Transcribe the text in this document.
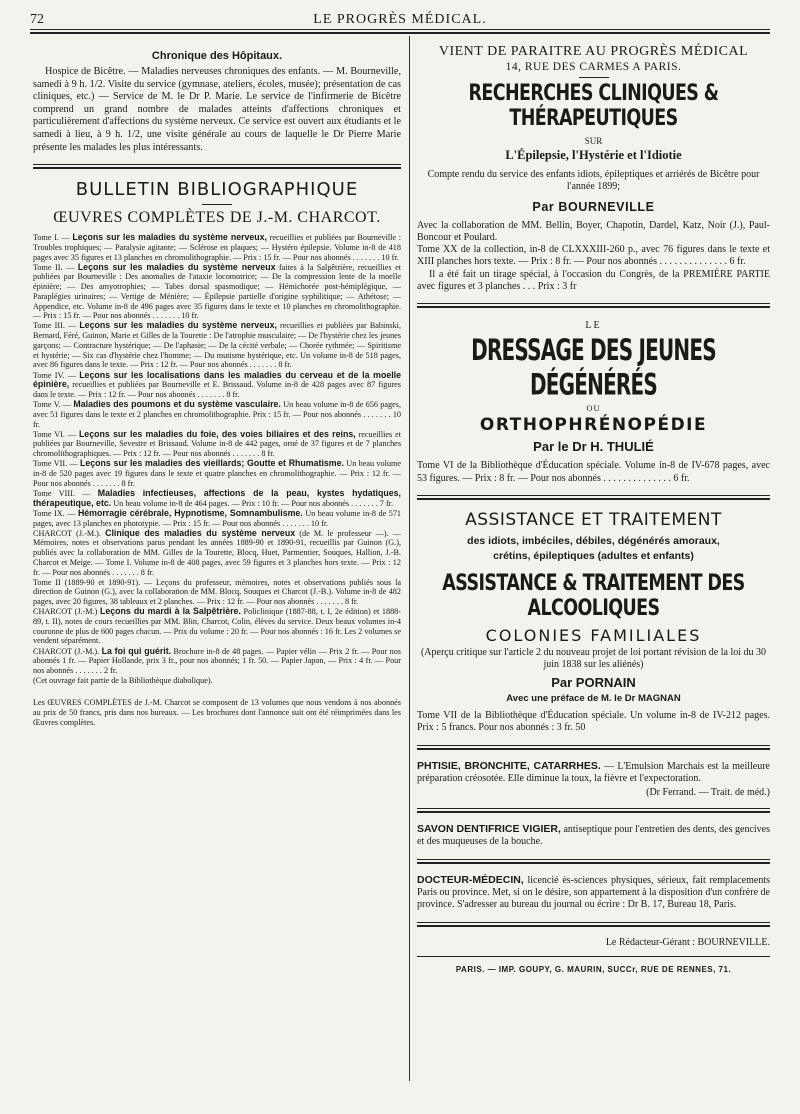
72	LE PROGRÈS MÉDICAL.
Chronique des Hôpitaux.

Hospice de Bicêtre. — Maladies nerveuses chroniques des enfants. — M. Bourneville, samedi à 9 h. 1/2. Visite du service (gymnase, ateliers, écoles, musée); présentation de cas cliniques, etc.) — Service de M. le Dr P. Marie. Le service de l'infirmerie de Bicêtre comprend un grand nombre de malades atteints d'affections chroniques et particulièrement d'affections du système nerveux. Ce service est ouvert aux étudiants et le samedi à lieu, à 9 h. 1/2, une visite générale au cours de laquelle le Dr Pierre Marie présente les malades les plus intéressants.

BULLETIN BIBLIOGRAPHIQUE
ŒUVRES COMPLÈTES DE J.-M. CHARCOT.

Tome I. — Leçons sur les maladies du système nerveux, recueillies et publiées par Bourneville : Troubles trophiques; — Paralysie agitante; — Sclérose en plaques; — Hystéro épilepsie. Volume in-8 de 418 pages avec 35 figures et 13 planches en chromolithographie. — Prix : 15 fr. — Pour nos abonnés . . . . . . . 10 fr.

Tome II. — Leçons sur les maladies du système nerveux faites à la Salpêtrière, recueillies et publiées par Bourneville : Des anomalies de l'ataxie locomotrice; — De la compression lente de la moelle épinière; — Des amyotrophies; — Tabes dorsal spasmodique; — Hémichorée post-hémiplégique, — Paraplégies urinaires; — Vertige de Ménière; — Épilepsie partielle d'origine syphilitique; — Athétose; — Appendice, etc. Volume in-8 de 496 pages avec 35 figures dans le texte et 10 planches en chromolithographie. — Prix : 15 fr. — Pour nos abonnés . . . . . . . 10 fr.

Tome III. — Leçons sur les maladies du système nerveux, recueillies et publiées par Babinski, Bernard, Féré, Guinon, Marie et Gilles de la Tourette : De l'atrophie musculaire; — De l'hystérie chez les jeunes garçons; — Contracture hystérique; — De l'aphasie; — De la cécité verbale; — Chorée rythmée; — Spiritisme et hystérie; — Six cas d'hystérie chez l'homme; — Du mutisme hystérique, etc. Un volume in-8 de 518 pages, avec 86 figures dans le texte. — Prix : 12 fr. — Pour nos abonnés . . . . . . . 8 fr.

Tome IV. — Leçons sur les localisations dans les maladies du cerveau et de la moelle épinière, recueillies et publiées par Bourneville et E. Brissaud. Volume in-8 de 428 pages avec 87 figures dans le texte. — Prix : 12 fr. — Pour nos abonnés . . . . . . . 8 fr.

Tome V. — Maladies des poumons et du système vasculaire. Un beau volume in-8 de 656 pages, avec 51 figures dans le texte et 2 planches en chromolithographie. Prix : 15 fr. — Pour nos abonnés . . . . . . . 10 fr.

Tome VI. — Leçons sur les maladies du foie, des voies biliaires et des reins, recueillies et publiées par Bourneville, Sevestre et Brissaud. Volume in-8 de 442 pages, orné de 37 figures et de 7 planches chromolithographiques. — Prix : 12 fr. — Pour nos abonnés . . . . . . . 8 fr.

Tome VII. — Leçons sur les maladies des vieillards; Goutte et Rhumatisme. Un beau volume in-8 de 520 pages avec 19 figures dans le texte et quatre planches en chromolithographie. — Prix : 12 fr. — Pour nos abonnés . . . . . . . 8 fr.

Tome VIII. — Maladies infectieuses, affections de la peau, kystes hydatiques, thérapeutique, etc. Un beau volume in-8 de 464 pages. — Prix : 10 fr. — Pour nos abonnés . . . . . . . 7 fr.

Tome IX. — Hémorragie cérébrale, Hypnotisme, Somnambulisme. Un beau volume in-8 de 571 pages, avec 13 planches en phototypie. — Prix : 15 fr. — Pour nos abonnés . . . . . . . 10 fr.

CHARCOT (J.-M.). Clinique des maladies du système nerveux (de M. le professeur —). — Mémoires, notes et observations parus pendant les années 1889-90 et 1890-91, recueillis par Guinon (G.), publiés avec la collaboration de MM. Gilles de la Tourette, Blocq, Huet, Parmentier, Souques, Hallion, J.-B. Charcot et Meige. — Tome I. Volume in-8 de 408 pages, avec 59 figures et 3 planches hors texte. — Prix : 12 fr. — Pour nos abonnés . . . . . . . 8 fr.

Tome II (1889-90 et 1890-91). — Leçons du professeur, mémoires, notes et observations publiés sous la direction de Guinon (G.), avec la collaboration de MM. Blocq, Souques et Charcot (J.-B.). Volume in-8 de 482 pages, avec 20 figures, 38 tableaux et 2 planches. — Prix : 12 fr. — Pour nos abonnés . . . . . . . 8 fr.

CHARCOT (J.-M.) Leçons du mardi à la Salpêtrière. Policlinique (1887-88, t. I, 2e édition) et 1888-89, t. II), notes de cours recueillies par MM. Blin, Charcot, Colin, élèves du service. Deux beaux volumes in-4 couronne de plus de 600 pages chacun. — Prix du volume : 20 fr. — Pour nos abonnés : 16 fr. Les 2 volumes se vendent séparément.

CHARCOT (J.-M.). La foi qui guérit. Brochure in-8 de 48 pages. — Papier vélin — Prix 2 fr. — Pour nos abonnés 1 fr. — Papier Hollande, prix 3 fr., pour nos abonnés; 1 fr. 50. — Papier Japon, — Prix : 4 fr. — Pour nos abonnés . . . . . . . 2 fr.

(Cet ouvrage fait partie de la Bibliothèque diabolique).

Les ŒUVRES COMPLÈTES de J.-M. Charcot se composent de 13 volumes que nous vendons à nos abonnés au prix de 50 francs, pris dans nos bureaux. — Les brochures dont l'annonce suit ont été réimprimées dans les Œuvres complètes.
VIENT DE PARAITRE AU PROGRÈS MÉDICAL
14, RUE DES CARMES A PARIS.
RECHERCHES CLINIQUES & THÉRAPEUTIQUES
SUR
L'Épilepsie, l'Hystérie et l'Idiotie

Compte rendu du service des enfants idiots, épileptiques et arriérés de Bicêtre pour l'année 1899;

Par BOURNEVILLE

Avec la collaboration de MM. Bellin, Boyer, Chapotin, Dardel, Katz, Noir (J.), Paul-Boncour et Poulard.

Tome XX de la collection, in-8 de CLXXXIII-260 p., avec 76 figures dans le texte et XIII planches hors texte. — Prix : 8 fr. — Pour nos abonnés . . . . . . . . . . . . . . 6 fr.

Il a été fait un tirage spécial, à l'occasion du Congrès, de la PREMIÈRE PARTIE avec figures et 3 planches . . . Prix : 3 fr

LE
DRESSAGE DES JEUNES DÉGÉNÉRÉS
OU
ORTHOPHRÉNOPÉDIE
Par le Dr H. THULIÉ

Tome VI de la Bibliothèque d'Éducation spéciale. Volume in-8 de IV-678 pages, avec 53 figures. — Prix : 8 fr. — Pour nos abonnés . . . . . . . . . . . . . . 6 fr.

ASSISTANCE ET TRAITEMENT

des idiots, imbéciles, débiles, dégénérés amoraux,

crétins, épileptiques (adultes et enfants)

ASSISTANCE & TRAITEMENT DES ALCOOLIQUES
COLONIES FAMILIALES

(Aperçu critique sur l'article 2 du nouveau projet de loi portant révision de la loi du 30 juin 1838 sur les aliénés)

Par PORNAIN
Avec une préface de M. le Dr MAGNAN

Tome VII de la Bibliothèque d'Éducation spéciale. Un volume in-8 de IV-212 pages. Prix : 5 francs. Pour nos abonnés : 3 fr. 50

PHTISIE, BRONCHITE, CATARRHES. — L'Emulsion Marchais est la meilleure préparation créosotée. Elle diminue la toux, la fièvre et l'expectoration.

(Dr Ferrand. — Trait. de méd.)

SAVON DENTIFRICE VIGIER, antiseptique pour l'entretien des dents, des gencives et des muqueuses de la bouche.

DOCTEUR-MÉDECIN, licencié ès-sciences physiques, sérieux, fait remplacements Paris ou province. Met, si on le désire, son appartement à la disposition d'un confrère de province. S'adresser au bureau du journal ou écrire : Dr B. 17, Bureau 18, Paris.

Le Rédacteur-Gérant : BOURNEVILLE.
PARIS. — IMP. GOUPY, G. MAURIN, SUCCr, RUE DE RENNES, 71.
